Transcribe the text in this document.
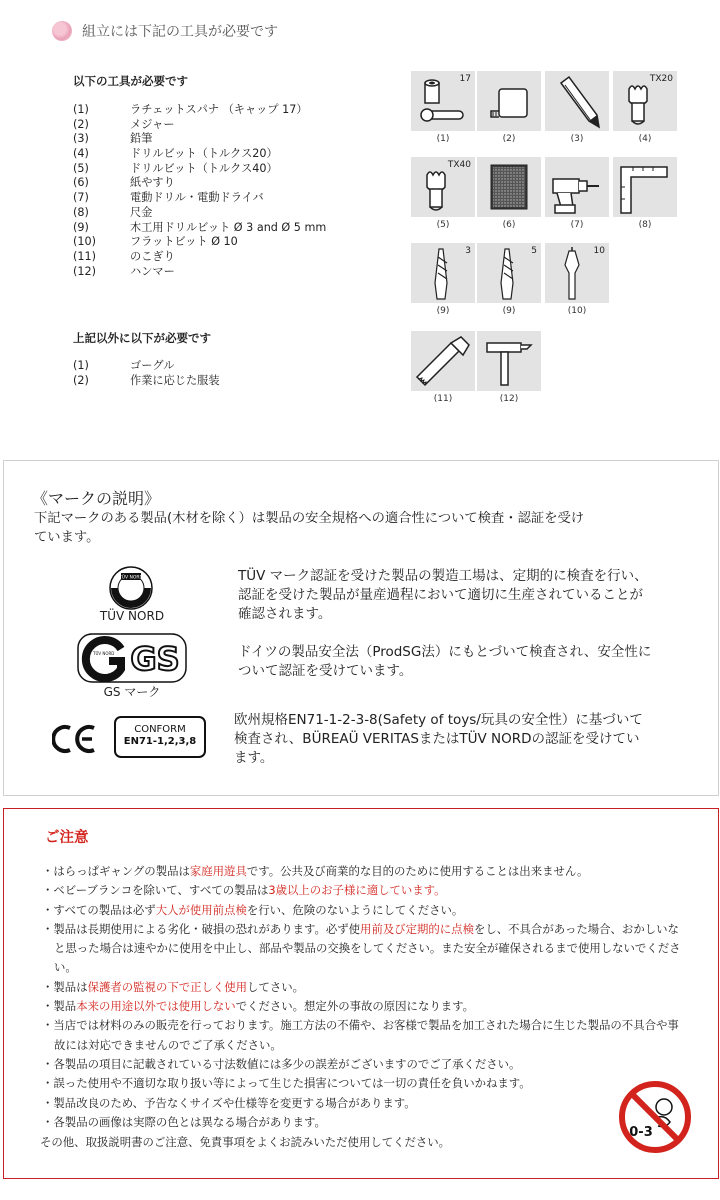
組立には下記の工具が必要です
以下の工具が必要です
(1)	ラチェットスパナ （キャップ 17）
(2)	メジャー
(3)	鉛筆
(4)	ドリルビット（トルクス20）
(5)	ドリルビット（トルクス40）
(6)	紙やすり
(7)	電動ドリル・電動ドライバ
(8)	尺金
(9)	木工用ドリルビット Ø 3 and Ø 5 mm
(10)	フラットビット Ø 10
(11)	のこぎり
(12)	ハンマー
上記以外に以下が必要です
(1)	ゴーグル
(2)	作業に応じた服装
17
(1)	(2)	(3)
TX20
(4)
TX40
(5)	(6)	(7)	(8)
3
(9)
5
(9)
10
(10)
(11)	(12)
《マークの説明》
下記マークのある製品(木材を除く）は製品の安全規格への適合性について検査・認証を受けています。
TÜV NORD
TÜV NORD
TÜV マーク認証を受けた製品の製造工場は、定期的に検査を行い、認証を受けた製品が量産過程において適切に生産されていることが確認されます。
TÜV NORD GS
GS マーク
ドイツの製品安全法（ProdSG法）にもとづいて検査され、安全性について認証を受けています。
CONFORM
EN71-1,2,3,8
欧州規格EN71-1-2-3-8(Safety of toys/玩具の安全性）に基づいて検査され、BÜREAÜ VERITASまたはTÜV NORDの認証を受けています。
ご注意
・はらっぱギャングの製品は家庭用遊具です。公共及び商業的な目的のために使用することは出来ません。
・ベビーブランコを除いて、すべての製品は3歳以上のお子様に適しています。
・すべての製品は必ず大人が使用前点検を行い、危険のないようにしてください。
・製品は長期使用による劣化・破損の恐れがあります。必ず使用前及び定期的に点検をし、不具合があった場合、おかしいなと思った場合は速やかに使用を中止し、部品や製品の交換をしてください。また安全が確保されるまで使用しないでください。
・製品は保護者の監視の下で正しく使用してさい。
・製品本来の用途以外では使用しないでください。想定外の事故の原因になります。
・当店では材料のみの販売を行っております。施工方法の不備や、お客様で製品を加工された場合に生じた製品の不具合や事故には対応できませんのでご了承ください。
・各製品の項目に記載されている寸法数値には多少の誤差がございますのでご了承ください。
・誤った使用や不適切な取り扱い等によって生じた損害については一切の責任を負いかねます。
・製品改良のため、予告なくサイズや仕様等を変更する場合があります。
・各製品の画像は実際の色とは異なる場合があります。
その他、取扱説明書のご注意、免責事項をよくお読みいただ使用してください。
0-3
